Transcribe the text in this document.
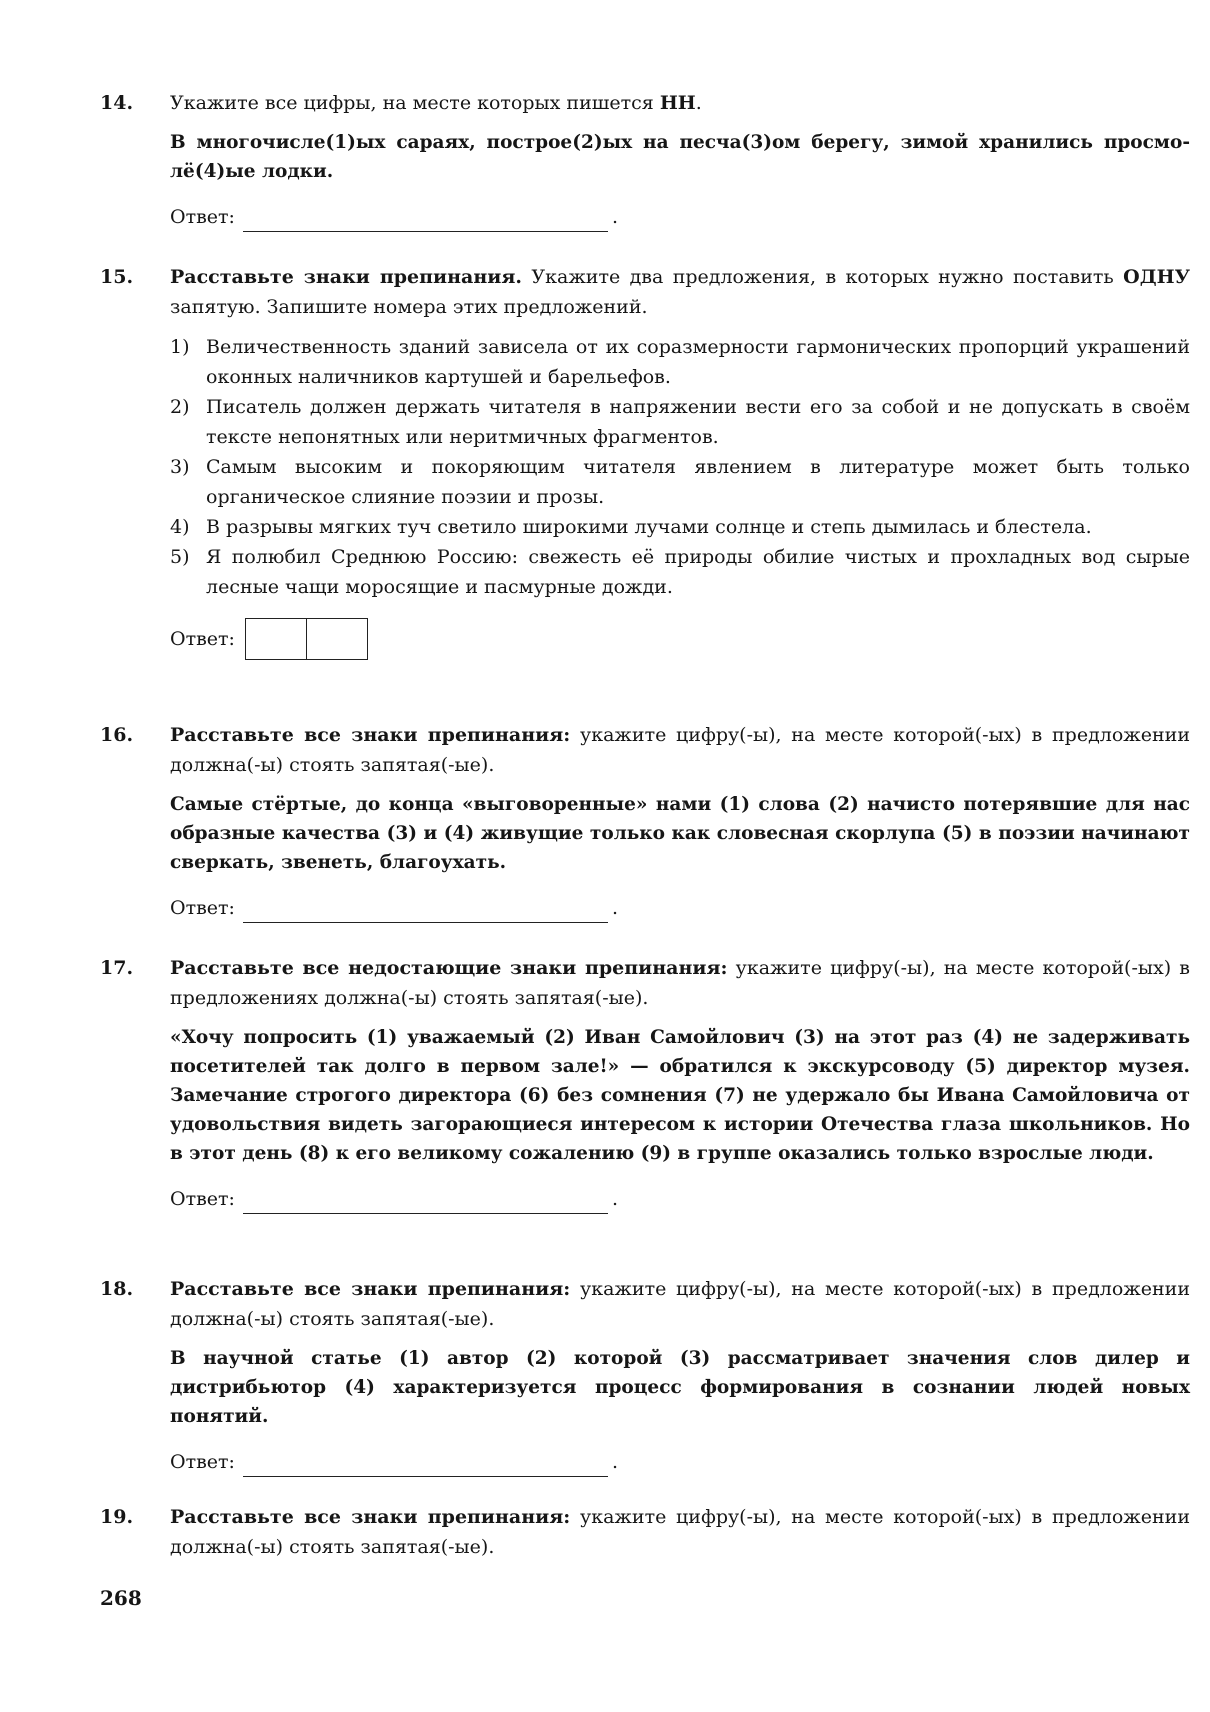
14. Укажите все цифры, на месте которых пишется НН.

В многочисле(1)ых сараях, построе(2)ых на песча(3)ом берегу, зимой хранились просмо-лё(4)ые лодки.

Ответ:	.
15. Расставьте знаки препинания. Укажите два предложения, в которых нужно поставить ОДНУ запятую. Запишите номера этих предложений.

1) Величественность зданий зависела от их соразмерности гармонических пропорций украшений оконных наличников картушей и барельефов.
2) Писатель должен держать читателя в напряжении вести его за собой и не допускать в своём тексте непонятных или неритмичных фрагментов.
3) Самым высоким и покоряющим читателя явлением в литературе может быть только органическое слияние поэзии и прозы.
4) В разрывы мягких туч светило широкими лучами солнце и степь дымилась и блестела.
5) Я полюбил Среднюю Россию: свежесть её природы обилие чистых и прохладных вод сырые лесные чащи моросящие и пасмурные дожди.
Ответ:
16. Расставьте все знаки препинания: укажите цифру(-ы), на месте которой(-ых) в предложении должна(-ы) стоять запятая(-ые).

Самые стёртые, до конца «выговоренные» нами (1) слова (2) начисто потерявшие для нас образные качества (3) и (4) живущие только как словесная скорлупа (5) в поэзии начинают сверкать, звенеть, благоухать.

Ответ:	.
17. Расставьте все недостающие знаки препинания: укажите цифру(-ы), на месте которой(-ых) в предложениях должна(-ы) стоять запятая(-ые).

«Хочу попросить (1) уважаемый (2) Иван Самойлович (3) на этот раз (4) не задерживать посетителей так долго в первом зале!» — обратился к экскурсоводу (5) директор музея. Замечание строгого директора (6) без сомнения (7) не удержало бы Ивана Самойловича от удовольствия видеть загорающиеся интересом к истории Отечества глаза школьников. Но в этот день (8) к его великому сожалению (9) в группе оказались только взрослые люди.

Ответ:	.
18. Расставьте все знаки препинания: укажите цифру(-ы), на месте которой(-ых) в предложении должна(-ы) стоять запятая(-ые).

В научной статье (1) автор (2) которой (3) рассматривает значения слов дилер и дистрибьютор (4) характеризуется процесс формирования в сознании людей новых понятий.

Ответ:	.
19. Расставьте все знаки препинания: укажите цифру(-ы), на месте которой(-ых) в предложении должна(-ы) стоять запятая(-ые).

268
